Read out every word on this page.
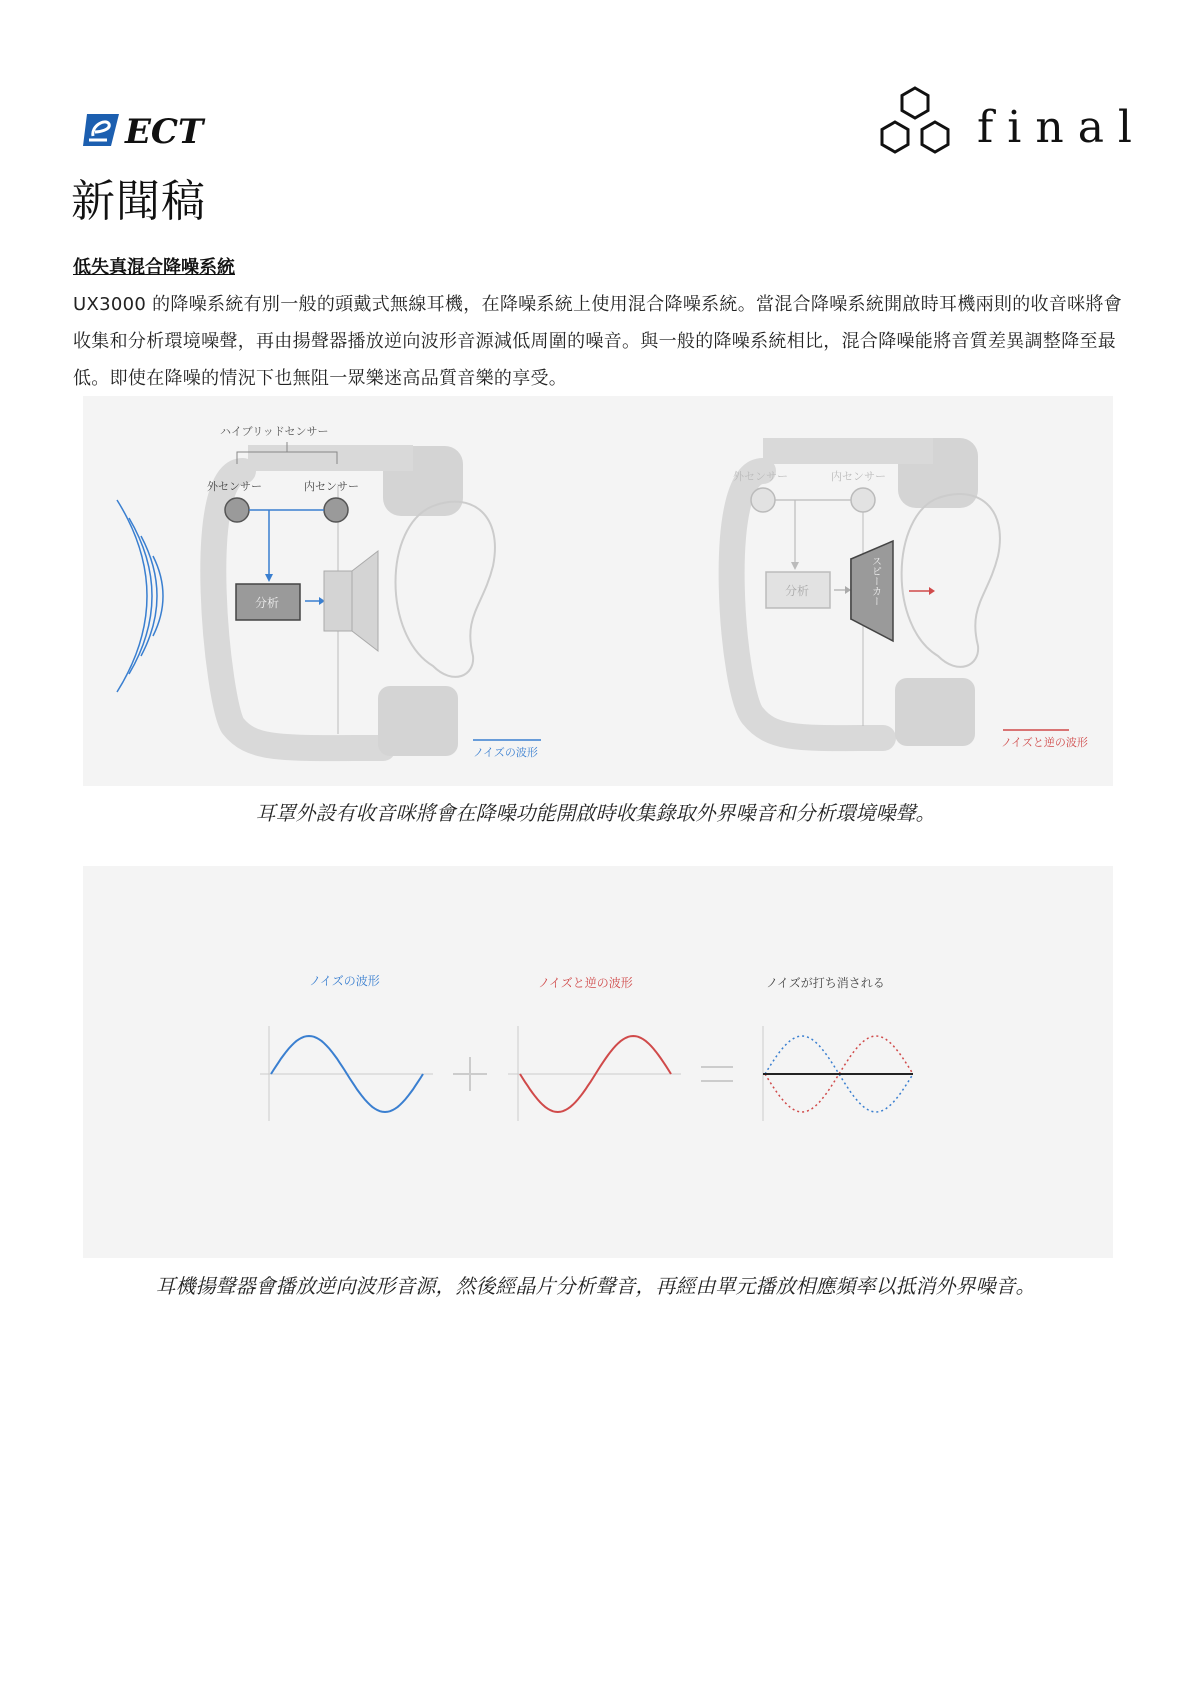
ECT	final
新聞稿
低失真混合降噪系統
UX3000 的降噪系統有別一般的頭戴式無線耳機，在降噪系統上使用混合降噪系統。當混合降噪系統開啟時耳機兩則的收音咪將會收集和分析環境噪聲，再由揚聲器播放逆向波形音源減低周圍的噪音。與一般的降噪系統相比，混合降噪能將音質差異調整降至最低。即使在降噪的情況下也無阻一眾樂迷高品質音樂的享受。
ハイブリッドセンサー
外センサー	内センサー
分析
ノイズの波形
外センサー	内センサー
分析	スピーカー
ノイズと逆の波形
耳罩外設有收音咪將會在降噪功能開啟時收集錄取外界噪音和分析環境噪聲。
ノイズの波形	ノイズと逆の波形	ノイズが打ち消される
耳機揚聲器會播放逆向波形音源，然後經晶片分析聲音，再經由單元播放相應頻率以抵消外界噪音。
